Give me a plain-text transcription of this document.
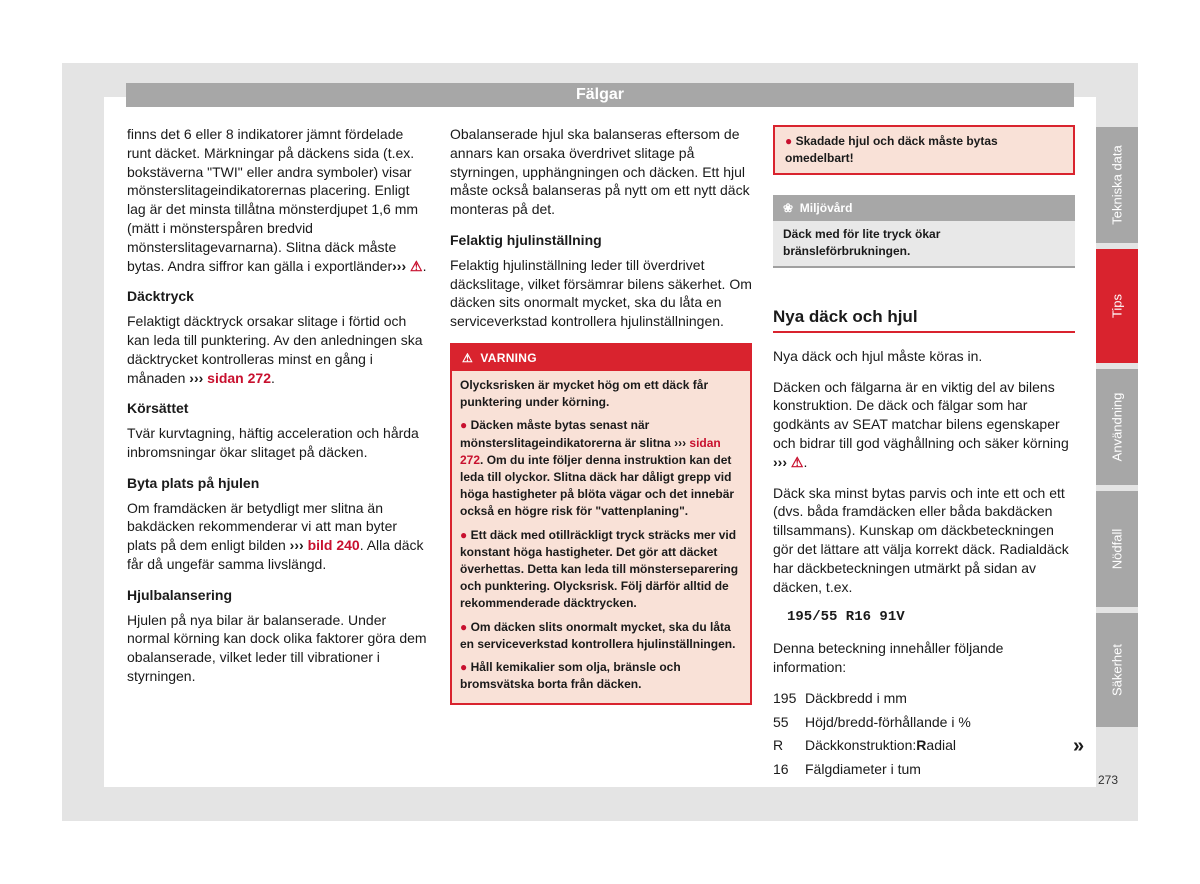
Fälgar
finns det 6 eller 8 indikatorer jämnt fördelade runt däcket. Märkningar på däckens sida (t.ex. bokstäverna "TWI" eller andra symboler) visar mönsterslitageindikatorernas placering. Enligt lag är det minsta tillåtna mönsterdjupet 1,6 mm (mätt i mönsterspåren bredvid mönsterslitagevarnarna). Slitna däck måste bytas. Andra siffror kan gälla i exportländer››› ⚠.
Däcktryck
Felaktigt däcktryck orsakar slitage i förtid och kan leda till punktering. Av den anledningen ska däcktrycket kontrolleras minst en gång i månaden ››› sidan 272.
Körsättet
Tvär kurvtagning, häftig acceleration och hårda inbromsningar ökar slitaget på däcken.
Byta plats på hjulen
Om framdäcken är betydligt mer slitna än bakdäcken rekommenderar vi att man byter plats på dem enligt bilden ››› bild 240. Alla däck får då ungefär samma livslängd.
Hjulbalansering
Hjulen på nya bilar är balanserade. Under normal körning kan dock olika faktorer göra dem obalanserade, vilket leder till vibrationer i styrningen.
Obalanserade hjul ska balanseras eftersom de annars kan orsaka överdrivet slitage på styrningen, upphängningen och däcken. Ett hjul måste också balanseras på nytt om ett nytt däck monteras på det.
Felaktig hjulinställning
Felaktig hjulinställning leder till överdrivet däckslitage, vilket försämrar bilens säkerhet. Om däcken sits onormalt mycket, ska du låta en serviceverkstad kontrollera hjulinställningen.
⚠ VARNING
Olycksrisken är mycket hög om ett däck får punktering under körning.
● Däcken måste bytas senast när mönsterslitageindikatorerna är slitna ››› sidan 272. Om du inte följer denna instruktion kan det leda till olyckor. Slitna däck har dåligt grepp vid höga hastigheter på blöta vägar och det innebär också en högre risk för "vattenplaning".
● Ett däck med otillräckligt tryck sträcks mer vid konstant höga hastigheter. Det gör att däcket överhettas. Detta kan leda till mönsterseparering och punktering. Olycksrisk. Följ därför alltid de rekommenderade däcktrycken.
● Om däcken slits onormalt mycket, ska du låta en serviceverkstad kontrollera hjulinställningen.
● Håll kemikalier som olja, bränsle och bromsvätska borta från däcken.
● Skadade hjul och däck måste bytas omedelbart!
❀ Miljövård
Däck med för lite tryck ökar bränsleförbrukningen.
Nya däck och hjul
Nya däck och hjul måste köras in.
Däcken och fälgarna är en viktig del av bilens konstruktion. De däck och fälgar som har godkänts av SEAT matchar bilens egenskaper och bidrar till god väghållning och säker körning ››› ⚠.
Däck ska minst bytas parvis och inte ett och ett (dvs. båda framdäcken eller båda bakdäcken tillsammans). Kunskap om däckbeteckningen gör det lättare att välja korrekt däck. Radialdäck har däckbeteckningen utmärkt på sidan av däcken, t.ex.
195/55 R16 91V
Denna beteckning innehåller följande information:
195 Däckbredd i mm
55	Höjd/bredd-förhållande i %
R	Däckkonstruktion: R adial
16	Fälgdiameter i tum
»
273
Tekniska data
Tips
Användning
Nödfall
Säkerhet
